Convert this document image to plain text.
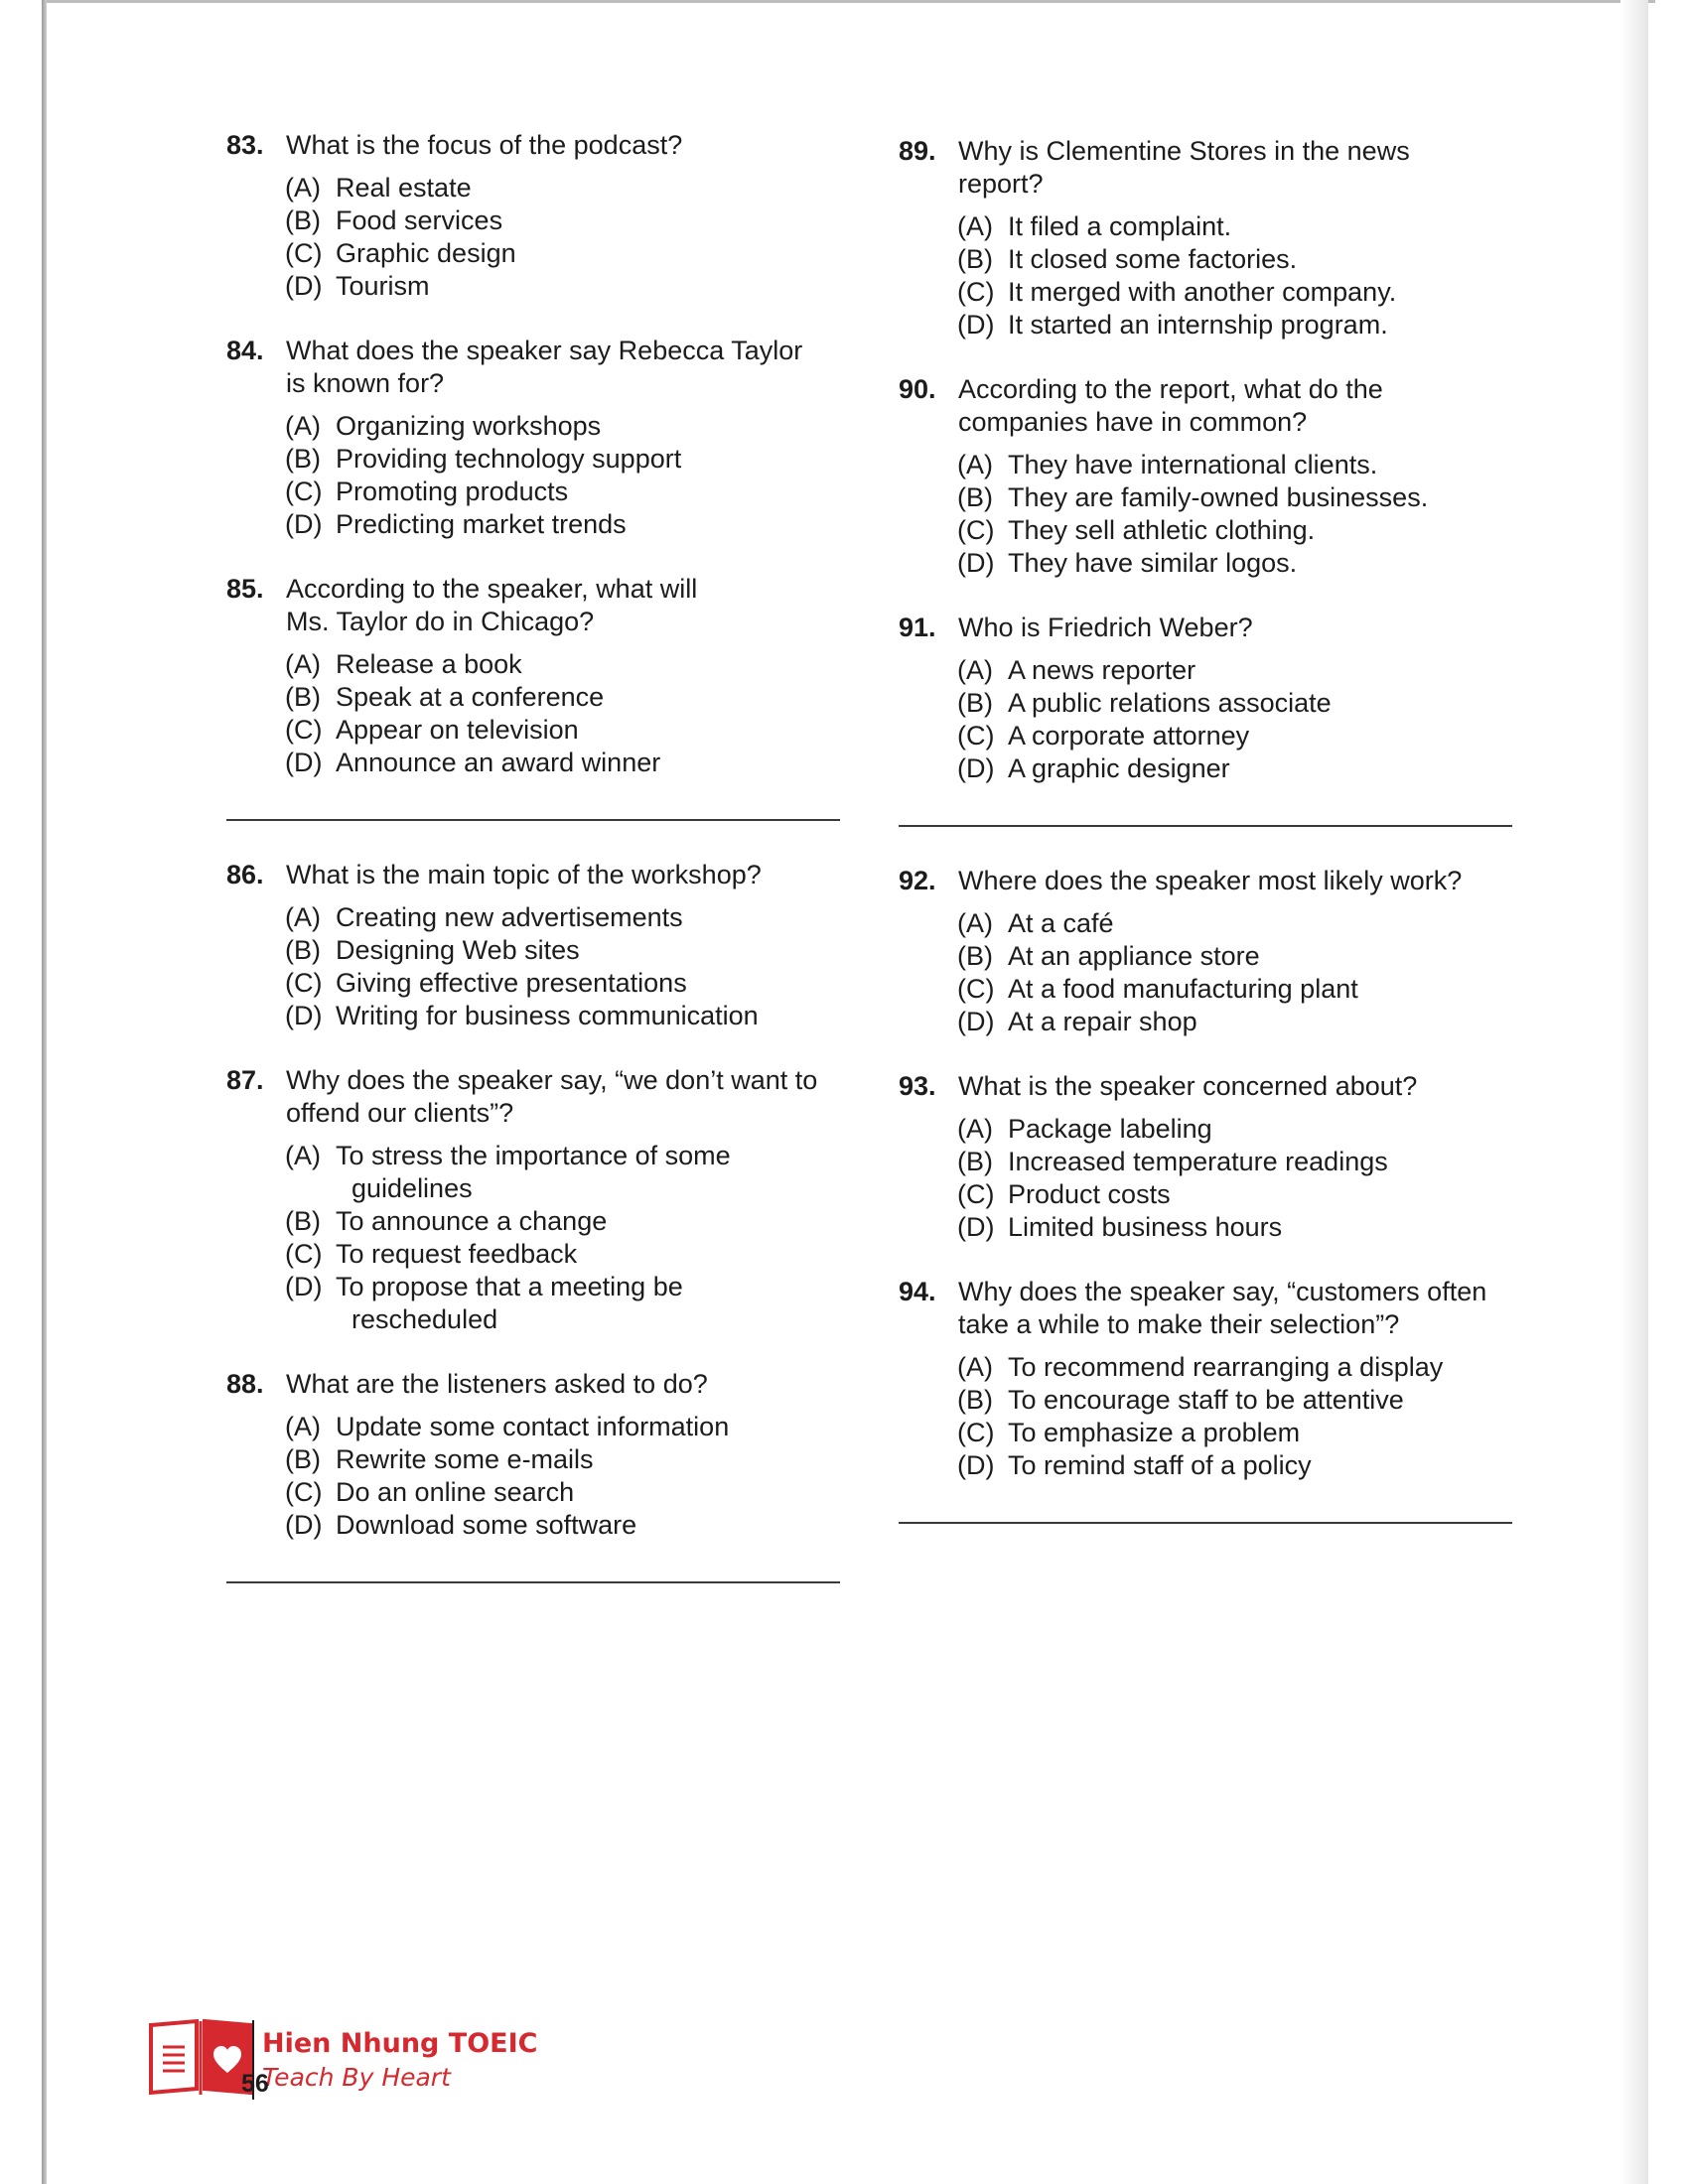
83. What is the focus of the podcast?
(A) Real estate
(B) Food services
(C) Graphic design
(D) Tourism
84. What does the speaker say Rebecca Taylor is known for?
(A) Organizing workshops
(B) Providing technology support
(C) Promoting products
(D) Predicting market trends
85. According to the speaker, what will Ms. Taylor do in Chicago?
(A) Release a book
(B) Speak at a conference
(C) Appear on television
(D) Announce an award winner
86. What is the main topic of the workshop?
(A) Creating new advertisements
(B) Designing Web sites
(C) Giving effective presentations
(D) Writing for business communication
87. Why does the speaker say, “we don’t want to offend our clients”?
(A) To stress the importance of some guidelines
(B) To announce a change
(C) To request feedback
(D) To propose that a meeting be rescheduled
88. What are the listeners asked to do?
(A) Update some contact information
(B) Rewrite some e-mails
(C) Do an online search
(D) Download some software
89. Why is Clementine Stores in the news report?
(A) It filed a complaint.
(B) It closed some factories.
(C) It merged with another company.
(D) It started an internship program.
90. According to the report, what do the companies have in common?
(A) They have international clients.
(B) They are family-owned businesses.
(C) They sell athletic clothing.
(D) They have similar logos.
91. Who is Friedrich Weber?
(A) A news reporter
(B) A public relations associate
(C) A corporate attorney
(D) A graphic designer
92. Where does the speaker most likely work?
(A) At a café
(B) At an appliance store
(C) At a food manufacturing plant
(D) At a repair shop
93. What is the speaker concerned about?
(A) Package labeling
(B) Increased temperature readings
(C) Product costs
(D) Limited business hours
94. Why does the speaker say, “customers often take a while to make their selection”?
(A) To recommend rearranging a display
(B) To encourage staff to be attentive
(C) To emphasize a problem
(D) To remind staff of a policy
Hien Nhung TOEIC
Teach By Heart
56
